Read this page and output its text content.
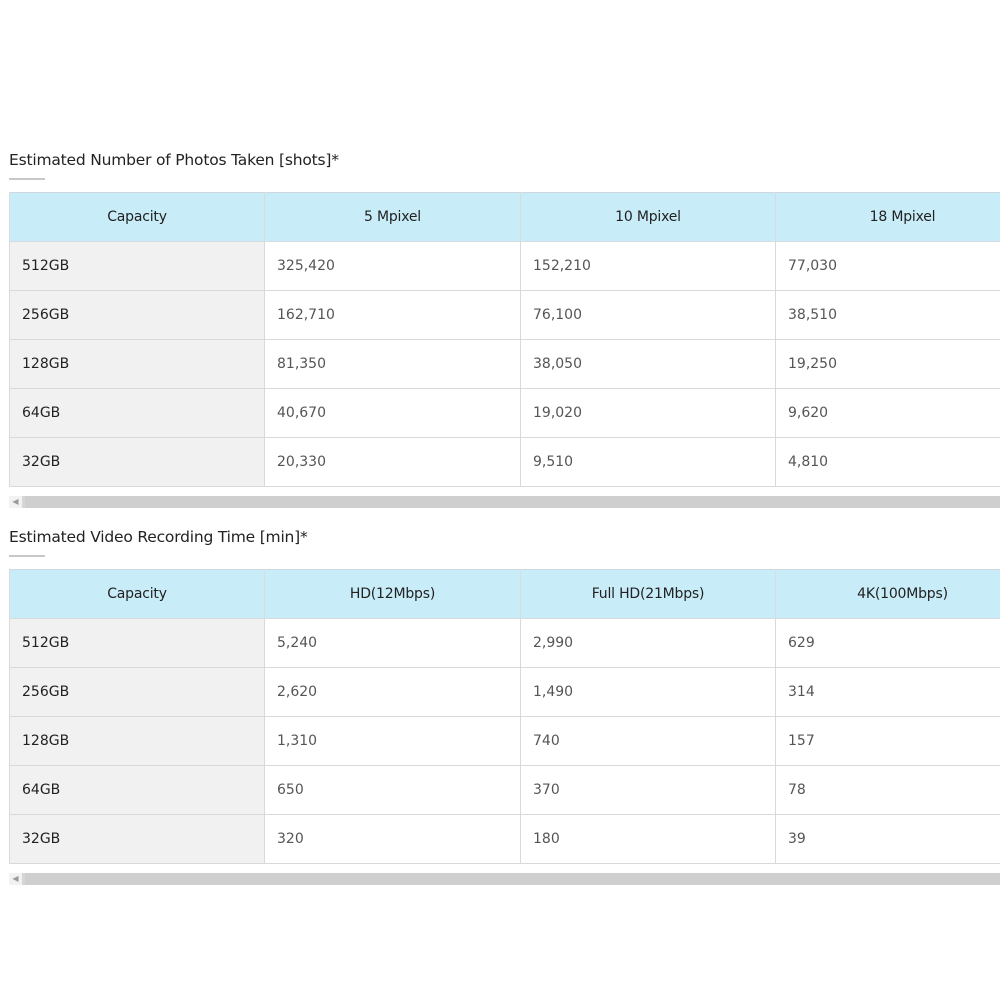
Estimated Number of Photos Taken [shots]*
Capacity	5 Mpixel	10 Mpixel	18 Mpixel
512GB	325,420	152,210	77,030
256GB	162,710	76,100	38,510
128GB	81,350	38,050	19,250
64GB	40,670	19,020	9,620
32GB	20,330	9,510	4,810
◀
Estimated Video Recording Time [min]*
Capacity	HD(12Mbps)	Full HD(21Mbps)	4K(100Mbps)
512GB	5,240	2,990	629
256GB	2,620	1,490	314
128GB	1,310	740	157
64GB	650	370	78
32GB	320	180	39
◀
